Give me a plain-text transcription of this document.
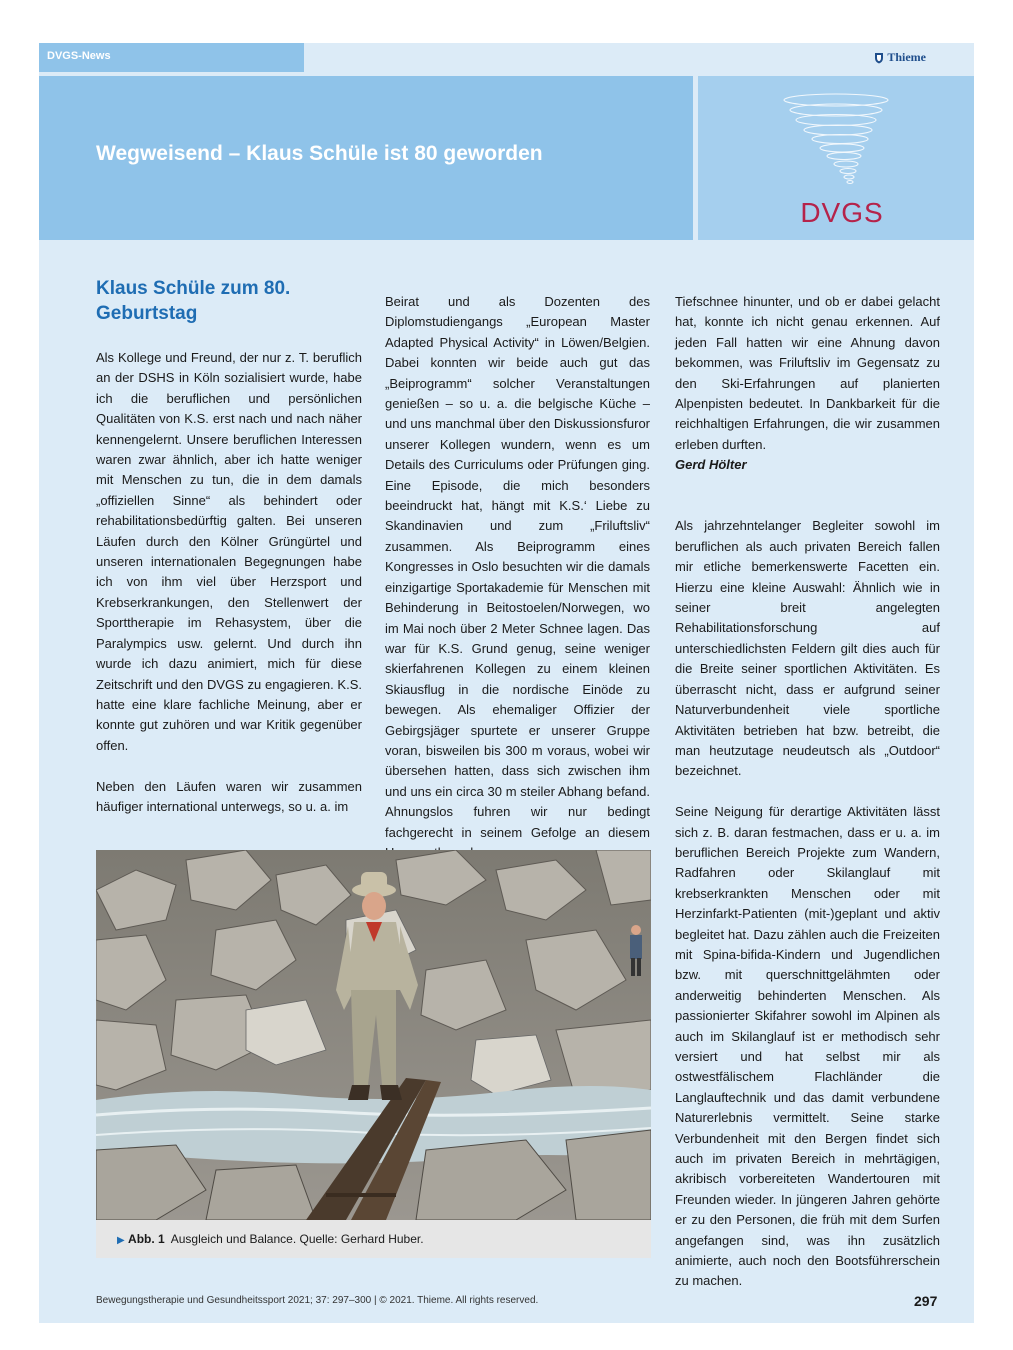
DVGS-News	Thieme
Wegweisend – Klaus Schüle ist 80 geworden
DVGS
Klaus Schüle zum 80. Geburtstag

Als Kollege und Freund, der nur z. T. beruflich an der DSHS in Köln sozialisiert wurde, habe ich die beruflichen und persönlichen Qualitäten von K.S. erst nach und nach näher kennengelernt. Unsere beruflichen Interessen waren zwar ähnlich, aber ich hatte weniger mit Menschen zu tun, die in dem damals „offiziellen Sinne“ als behindert oder rehabilitationsbedürftig galten. Bei unseren Läufen durch den Kölner Grüngürtel und unseren internationalen Begegnungen habe ich von ihm viel über Herzsport und Krebserkrankungen, den Stellenwert der Sporttherapie im Rehasystem, über die Paralympics usw. gelernt. Und durch ihn wurde ich dazu animiert, mich für diese Zeitschrift und den DVGS zu engagieren. K.S. hatte eine klare fachliche Meinung, aber er konnte gut zuhören und war Kritik gegenüber offen.

Neben den Läufen waren wir zusammen häufiger international unterwegs, so u. a. im

Beirat und als Dozenten des Diplomstudiengangs „European Master Adapted Physical Activity“ in Löwen/Belgien. Dabei konnten wir beide auch gut das „Beiprogramm“ solcher Veranstaltungen genießen – so u. a. die belgische Küche – und uns manchmal über den Diskussionsfuror unserer Kollegen wundern, wenn es um Details des Curriculums oder Prüfungen ging. Eine Episode, die mich besonders beeindruckt hat, hängt mit K.S.‘ Liebe zu Skandinavien und zum „Friluftsliv“ zusammen. Als Beiprogramm eines Kongresses in Oslo besuchten wir die damals einzigartige Sportakademie für Menschen mit Behinderung in Beitostoelen/Norwegen, wo im Mai noch über 2 Meter Schnee lagen. Das war für K.S. Grund genug, seine weniger skierfahrenen Kollegen zu einem kleinen Skiausflug in die nordische Einöde zu bewegen. Als ehemaliger Offizier der Gebirgsjäger spurtete er unserer Gruppe voran, bisweilen bis 300 m voraus, wobei wir übersehen hatten, dass sich zwischen ihm und uns ein circa 30 m steiler Abhang befand. Ahnungslos fuhren wir nur bedingt fachgerecht in seinem Gefolge an diesem

Tiefschnee hinunter, und ob er dabei gelacht hat, konnte ich nicht genau erkennen. Auf jeden Fall hatten wir eine Ahnung davon bekommen, was Friluftsliv im Gegensatz zu den Ski-Erfahrungen auf planierten Alpenpisten bedeutet. In Dankbarkeit für die reichhaltigen Erfahrungen, die wir zusammen erleben durften.

Gerd Hölter

Als jahrzehntelanger Begleiter sowohl im beruflichen als auch privaten Bereich fallen mir etliche bemerkenswerte Facetten ein. Hierzu eine kleine Auswahl: Ähnlich wie in seiner breit angelegten Rehabilitationsforschung auf unterschiedlichsten Feldern gilt dies auch für die Breite seiner sportlichen Aktivitäten. Es überrascht nicht, dass er aufgrund seiner Naturverbundenheit viele sportliche Aktivitäten betrieben hat bzw. betreibt, die man heutzutage neudeutsch als „Outdoor“ bezeichnet.

Seine Neigung für derartige Aktivitäten lässt sich z. B. daran festmachen, dass er u. a. im beruflichen Bereich Projekte zum Wandern, Radfahren oder Skilanglauf mit krebserkrankten Menschen oder mit Herzinfarkt-Patienten (mit-)geplant und aktiv begleitet hat. Dazu zählen auch die Freizeiten mit Spina-bifida-Kindern und Jugendlichen bzw. mit querschnittgelähmten oder anderweitig behinderten Menschen. Als passionierter Skifahrer sowohl im Alpinen als auch im Skilanglauf ist er methodisch sehr versiert und hat selbst mir als ostwestfälischem Flachländer die Langlauftechnik und das damit verbundene Naturerlebnis vermittelt. Seine starke Verbundenheit mit den Bergen findet sich auch im privaten Bereich in mehrtägigen, akribisch vorbereiteten Wandertouren mit Freunden wieder. In jüngeren Jahren gehörte er zu den Personen, die früh mit dem Surfen angefangen sind, was ihn zusätzlich animierte, auch noch den Bootsführerschein zu machen.

▶ Abb. 1 Ausgleich und Balance. Quelle: Gerhard Huber.
Bewegungstherapie und Gesundheitssport 2021; 37: 297–300 | © 2021. Thieme. All rights reserved.	297
